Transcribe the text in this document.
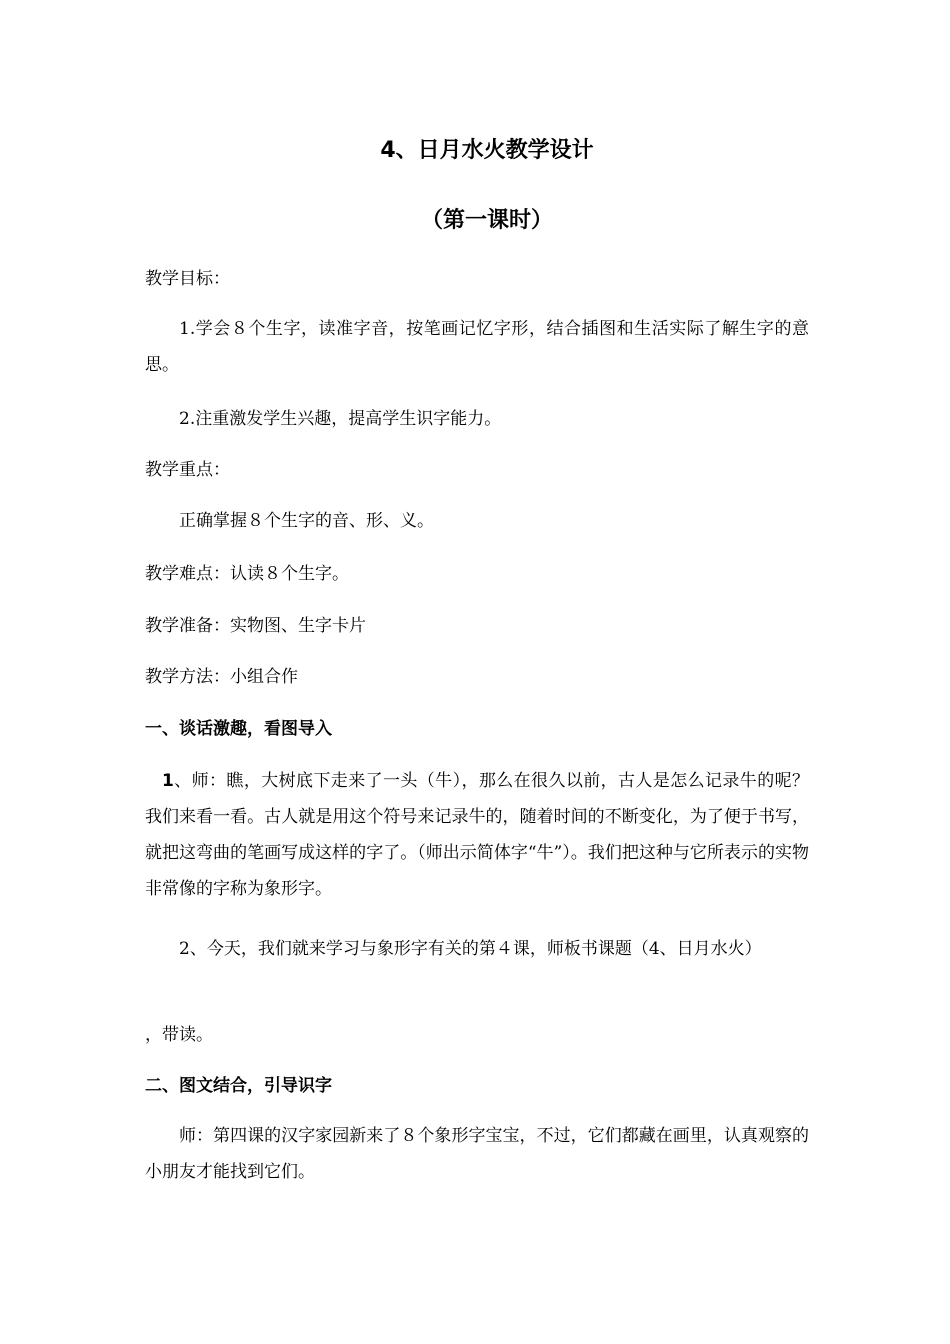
4、日月水火教学设计
（第一课时）
教学目标：
1.学会８个生字，读准字音，按笔画记忆字形，结合插图和生活实际了解生字的意思。
2.注重激发学生兴趣，提高学生识字能力。
教学重点：
正确掌握８个生字的音、形、义。
教学难点：认读８个生字。
教学准备：实物图、生字卡片
教学方法：小组合作
一、谈话激趣，看图导入
1、师：瞧，大树底下走来了一头（牛），那么在很久以前，古人是怎么记录牛的呢？我们来看一看。古人就是用这个符号来记录牛的，随着时间的不断变化，为了便于书写，就把这弯曲的笔画写成这样的字了。（师出示简体字“牛”）。我们把这种与它所表示的实物非常像的字称为象形字。
2、今天，我们就来学习与象形字有关的第４课，师板书课题（4、日月水火）
，带读。
二、图文结合，引导识字
师：第四课的汉字家园新来了８个象形字宝宝，不过，它们都藏在画里，认真观察的小朋友才能找到它们。
